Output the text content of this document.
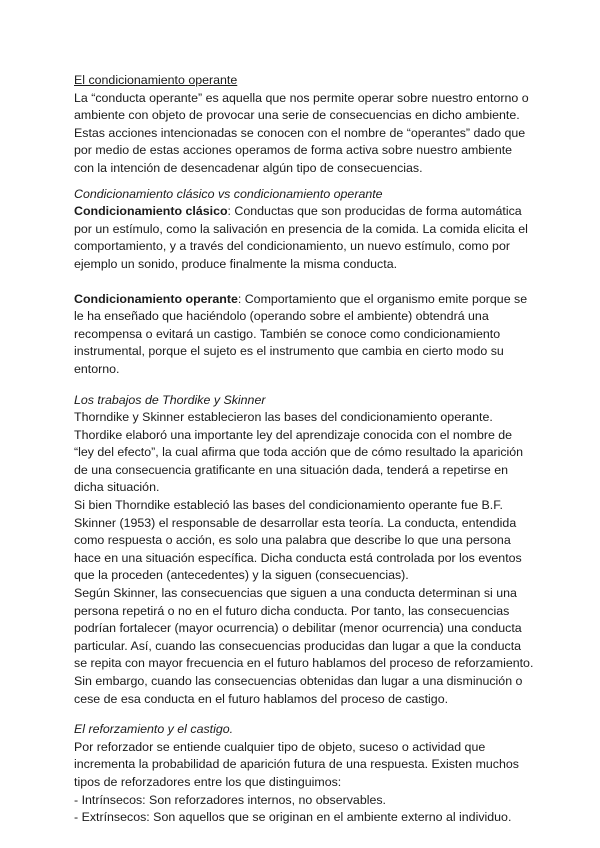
El condicionamiento operante

La “conducta operante” es aquella que nos permite operar sobre nuestro entorno o ambiente con objeto de provocar una serie de consecuencias en dicho ambiente. Estas acciones intencionadas se conocen con el nombre de “operantes” dado que por medio de estas acciones operamos de forma activa sobre nuestro ambiente con la intención de desencadenar algún tipo de consecuencias.

Condicionamiento clásico vs condicionamiento operante

Condicionamiento clásico: Conductas que son producidas de forma automática por un estímulo, como la salivación en presencia de la comida. La comida elicita el comportamiento, y a través del condicionamiento, un nuevo estímulo, como por ejemplo un sonido, produce finalmente la misma conducta.

Condicionamiento operante: Comportamiento que el organismo emite porque se le ha enseñado que haciéndolo (operando sobre el ambiente) obtendrá una recompensa o evitará un castigo. También se conoce como condicionamiento instrumental, porque el sujeto es el instrumento que cambia en cierto modo su entorno.

Los trabajos de Thordike y Skinner

Thorndike y Skinner establecieron las bases del condicionamiento operante. Thordike elaboró una importante ley del aprendizaje conocida con el nombre de “ley del efecto”, la cual afirma que toda acción que de cómo resultado la aparición de una consecuencia gratificante en una situación dada, tenderá a repetirse en dicha situación.

Si bien Thorndike estableció las bases del condicionamiento operante fue B.F. Skinner (1953) el responsable de desarrollar esta teoría. La conducta, entendida como respuesta o acción, es solo una palabra que describe lo que una persona hace en una situación específica. Dicha conducta está controlada por los eventos que la proceden (antecedentes) y la siguen (consecuencias).

Según Skinner, las consecuencias que siguen a una conducta determinan si una persona repetirá o no en el futuro dicha conducta. Por tanto, las consecuencias podrían fortalecer (mayor ocurrencia) o debilitar (menor ocurrencia) una conducta particular. Así, cuando las consecuencias producidas dan lugar a que la conducta se repita con mayor frecuencia en el futuro hablamos del proceso de reforzamiento. Sin embargo, cuando las consecuencias obtenidas dan lugar a una disminución o cese de esa conducta en el futuro hablamos del proceso de castigo.

El reforzamiento y el castigo.

Por reforzador se entiende cualquier tipo de objeto, suceso o actividad que incrementa la probabilidad de aparición futura de una respuesta. Existen muchos tipos de reforzadores entre los que distinguimos:

- Intrínsecos: Son reforzadores internos, no observables.

- Extrínsecos: Son aquellos que se originan en el ambiente externo al individuo.
